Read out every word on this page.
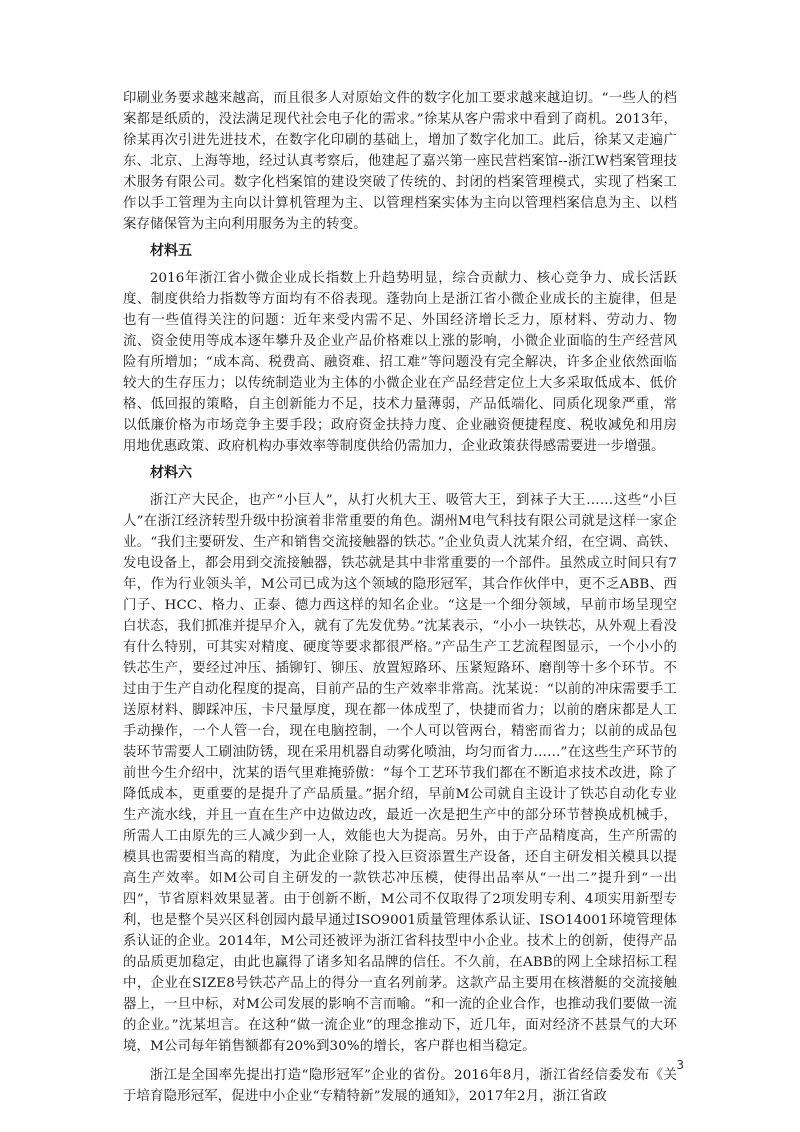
印刷业务要求越来越高，而且很多人对原始文件的数字化加工要求越来越迫切。“一些人的档案都是纸质的，没法满足现代社会电子化的需求。”徐某从客户需求中看到了商机。2013年，徐某再次引进先进技术，在数字化印刷的基础上，增加了数字化加工。此后，徐某又走遍广东、北京、上海等地，经过认真考察后，他建起了嘉兴第一座民营档案馆--浙江W档案管理技术服务有限公司。数字化档案馆的建设突破了传统的、封闭的档案管理模式，实现了档案工作以手工管理为主向以计算机管理为主、以管理档案实体为主向以管理档案信息为主、以档案存储保管为主向利用服务为主的转变。

材料五

2016年浙江省小微企业成长指数上升趋势明显，综合贡献力、核心竞争力、成长活跃度、制度供给力指数等方面均有不俗表现。蓬勃向上是浙江省小微企业成长的主旋律，但是也有一些值得关注的问题：近年来受内需不足、外国经济增长乏力，原材料、劳动力、物流、资金使用等成本逐年攀升及企业产品价格难以上涨的影响，小微企业面临的生产经营风险有所增加；“成本高、税费高、融资难、招工难”等问题没有完全解决，许多企业依然面临较大的生存压力；以传统制造业为主体的小微企业在产品经营定位上大多采取低成本、低价格、低回报的策略，自主创新能力不足，技术力量薄弱，产品低端化、同质化现象严重，常以低廉价格为市场竞争主要手段；政府资金扶持力度、企业融资便捷程度、税收减免和用房用地优惠政策、政府机构办事效率等制度供给仍需加力，企业政策获得感需要进一步增强。

材料六

浙江产大民企，也产“小巨人”，从打火机大王、吸管大王，到袜子大王……这些“小巨人”在浙江经济转型升级中扮演着非常重要的角色。湖州M电气科技有限公司就是这样一家企业。“我们主要研发、生产和销售交流接触器的铁芯。”企业负责人沈某介绍，在空调、高铁、发电设备上，都会用到交流接触器，铁芯就是其中非常重要的一个部件。虽然成立时间只有7年，作为行业领头羊，M公司已成为这个领域的隐形冠军，其合作伙伴中，更不乏ABB、西门子、HCC、格力、正泰、德力西这样的知名企业。“这是一个细分领域，早前市场呈现空白状态，我们抓准并提早介入，就有了先发优势。”沈某表示，“小小一块铁芯，从外观上看没有什么特别，可其实对精度、硬度等要求都很严格。”产品生产工艺流程图显示，一个小小的铁芯生产，要经过冲压、插铆钉、铆压、放置短路环、压紧短路环、磨削等十多个环节。不过由于生产自动化程度的提高，目前产品的生产效率非常高。沈某说：“以前的冲床需要手工送原材料、脚踩冲压，卡尺量厚度，现在都一体成型了，快捷而省力；以前的磨床都是人工手动操作，一个人管一台，现在电脑控制，一个人可以管两台，精密而省力；以前的成品包装环节需要人工刷油防锈，现在采用机器自动雾化喷油，均匀而省力……”在这些生产环节的前世今生介绍中，沈某的语气里难掩骄傲：“每个工艺环节我们都在不断追求技术改进，除了降低成本，更重要的是提升了产品质量。”据介绍，早前M公司就自主设计了铁芯自动化专业生产流水线，并且一直在生产中边做边改，最近一次是把生产中的部分环节替换成机械手，所需人工由原先的三人减少到一人，效能也大为提高。另外，由于产品精度高，生产所需的模具也需要相当高的精度，为此企业除了投入巨资添置生产设备，还自主研发相关模具以提高生产效率。如M公司自主研发的一款铁芯冲压模，使得出品率从“一出二”提升到“一出四”，节省原料效果显著。由于创新不断，M公司不仅取得了2项发明专利、4项实用新型专利，也是整个吴兴区科创园内最早通过ISO9001质量管理体系认证、ISO14001环境管理体系认证的企业。2014年，M公司还被评为浙江省科技型中小企业。技术上的创新，使得产品的品质更加稳定，由此也赢得了诸多知名品牌的信任。不久前，在ABB的网上全球招标工程中，企业在SIZE8号铁芯产品上的得分一直名列前茅。这款产品主要用在核潜艇的交流接触器上，一旦中标，对M公司发展的影响不言而喻。“和一流的企业合作，也推动我们要做一流的企业。”沈某坦言。在这种“做一流企业”的理念推动下，近几年，面对经济不甚景气的大环境，M公司每年销售额都有20%到30%的增长，客户群也相当稳定。

浙江是全国率先提出打造“隐形冠军”企业的省份。2016年8月，浙江省经信委发布《关于培育隐形冠军，促进中小企业“专精特新”发展的通知》，2017年2月，浙江省政

3
